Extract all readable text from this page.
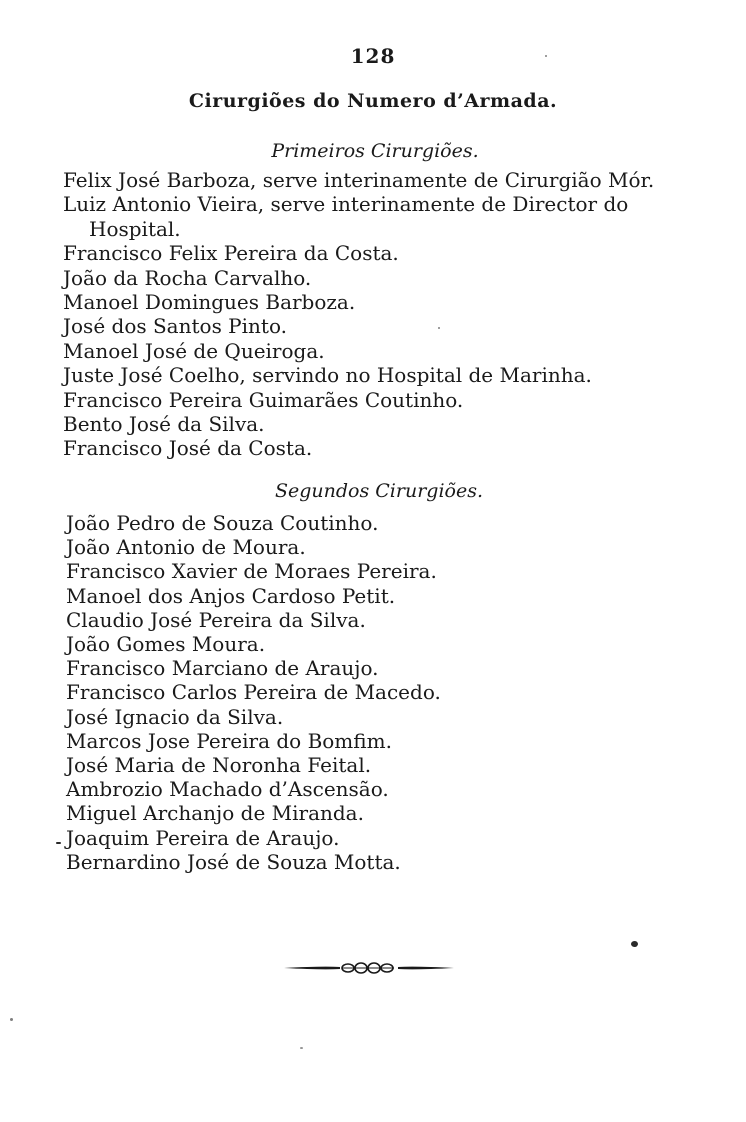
128
Cirurgiões do Numero d’Armada.
Primeiros Cirurgiões.
Felix José Barboza, serve interinamente de Cirurgião Mór.
Luiz Antonio Vieira, serve interinamente de Director do
Hospital.
Francisco Felix Pereira da Costa.
João da Rocha Carvalho.
Manoel Domingues Barboza.
José dos Santos Pinto.
Manoel José de Queiroga.
Juste José Coelho, servindo no Hospital de Marinha.
Francisco Pereira Guimarães Coutinho.
Bento José da Silva.
Francisco José da Costa.
Segundos Cirurgiões.
João Pedro de Souza Coutinho.
João Antonio de Moura.
Francisco Xavier de Moraes Pereira.
Manoel dos Anjos Cardoso Petit.
Claudio José Pereira da Silva.
João Gomes Moura.
Francisco Marciano de Araujo.
Francisco Carlos Pereira de Macedo.
José Ignacio da Silva.
Marcos Jose Pereira do Bomfim.
José Maria de Noronha Feital.
Ambrozio Machado d’Ascensão.
Miguel Archanjo de Miranda.
Joaquim Pereira de Araujo.
Bernardino José de Souza Motta.
